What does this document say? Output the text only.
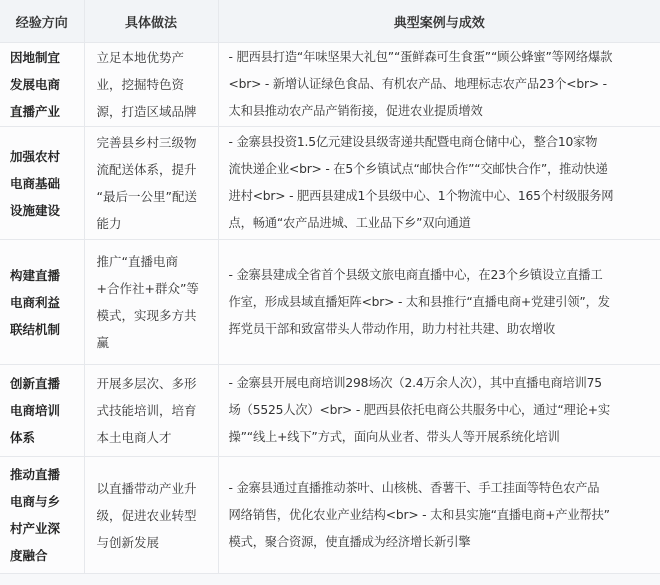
经验方向	具体做法	典型案例与成效

因地制宜
发展电商
直播产业	立足本地优势产
业，挖掘特色资
源，打造区域品牌	- 肥西县打造“年味坚果大礼包”“蛋鲜森可生食蛋”“顾公蜂蜜”等网络爆款
<br> - 新增认证绿色食品、有机农产品、地理标志农产品23个<br> -
太和县推动农产品产销衔接，促进农业提质增效

加强农村
电商基础
设施建设	完善县乡村三级物
流配送体系，提升
“最后一公里”配送
能力	- 金寨县投资1.5亿元建设县级寄递共配暨电商仓储中心，整合10家物
流快递企业<br> - 在5个乡镇试点“邮快合作”“交邮快合作”，推动快递
进村<br> - 肥西县建成1个县级中心、1个物流中心、165个村级服务网
点，畅通“农产品进城、工业品下乡”双向通道

构建直播
电商利益
联结机制	推广“直播电商
+合作社+群众”等
模式，实现多方共
赢	- 金寨县建成全省首个县级文旅电商直播中心，在23个乡镇设立直播工
作室，形成县域直播矩阵<br> - 太和县推行“直播电商+党建引领”，发
挥党员干部和致富带头人带动作用，助力村社共建、助农增收

创新直播
电商培训
体系	开展多层次、多形
式技能培训，培育
本土电商人才	- 金寨县开展电商培训298场次（2.4万余人次），其中直播电商培训75
场（5525人次）<br> - 肥西县依托电商公共服务中心，通过“理论+实
操”“线上+线下”方式，面向从业者、带头人等开展系统化培训

推动直播
电商与乡
村产业深
度融合	以直播带动产业升
级，促进农业转型
与创新发展	- 金寨县通过直播推动茶叶、山核桃、香薯干、手工挂面等特色农产品
网络销售，优化农业产业结构<br> - 太和县实施“直播电商+产业帮扶”
模式，聚合资源，使直播成为经济增长新引擎
